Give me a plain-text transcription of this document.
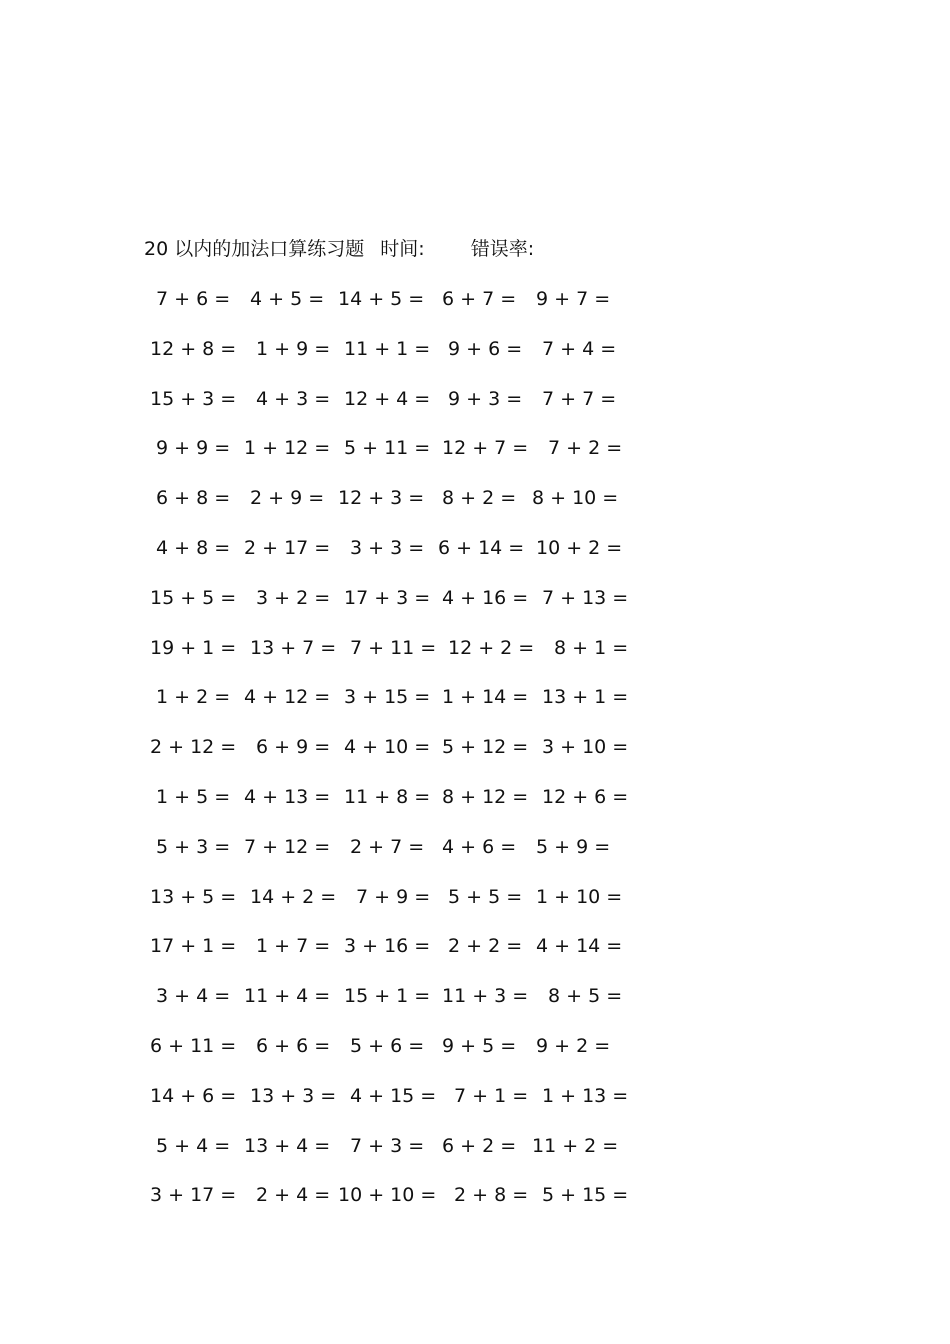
20 以内的加法口算练习题 时间: 错误率:
7 + 6 = 4 + 5 = 14 + 5 = 6 + 7 = 9 + 7 =
12 + 8 = 1 + 9 = 11 + 1 = 9 + 6 = 7 + 4 =
15 + 3 = 4 + 3 = 12 + 4 = 9 + 3 = 7 + 7 =
9 + 9 = 1 + 12 = 5 + 11 = 12 + 7 = 7 + 2 =
6 + 8 = 2 + 9 = 12 + 3 = 8 + 2 = 8 + 10 =
4 + 8 = 2 + 17 = 3 + 3 = 6 + 14 = 10 + 2 =
15 + 5 = 3 + 2 = 17 + 3 = 4 + 16 = 7 + 13 =
19 + 1 = 13 + 7 = 7 + 11 = 12 + 2 = 8 + 1 =
1 + 2 = 4 + 12 = 3 + 15 = 1 + 14 = 13 + 1 =
2 + 12 = 6 + 9 = 4 + 10 = 5 + 12 = 3 + 10 =
1 + 5 = 4 + 13 = 11 + 8 = 8 + 12 = 12 + 6 =
5 + 3 = 7 + 12 = 2 + 7 = 4 + 6 = 5 + 9 =
13 + 5 = 14 + 2 = 7 + 9 = 5 + 5 = 1 + 10 =
17 + 1 = 1 + 7 = 3 + 16 = 2 + 2 = 4 + 14 =
3 + 4 = 11 + 4 = 15 + 1 = 11 + 3 = 8 + 5 =
6 + 11 = 6 + 6 = 5 + 6 = 9 + 5 = 9 + 2 =
14 + 6 = 13 + 3 = 4 + 15 = 7 + 1 = 1 + 13 =
5 + 4 = 13 + 4 = 7 + 3 = 6 + 2 = 11 + 2 =
3 + 17 = 2 + 4 = 10 + 10 = 2 + 8 = 5 + 15 =
